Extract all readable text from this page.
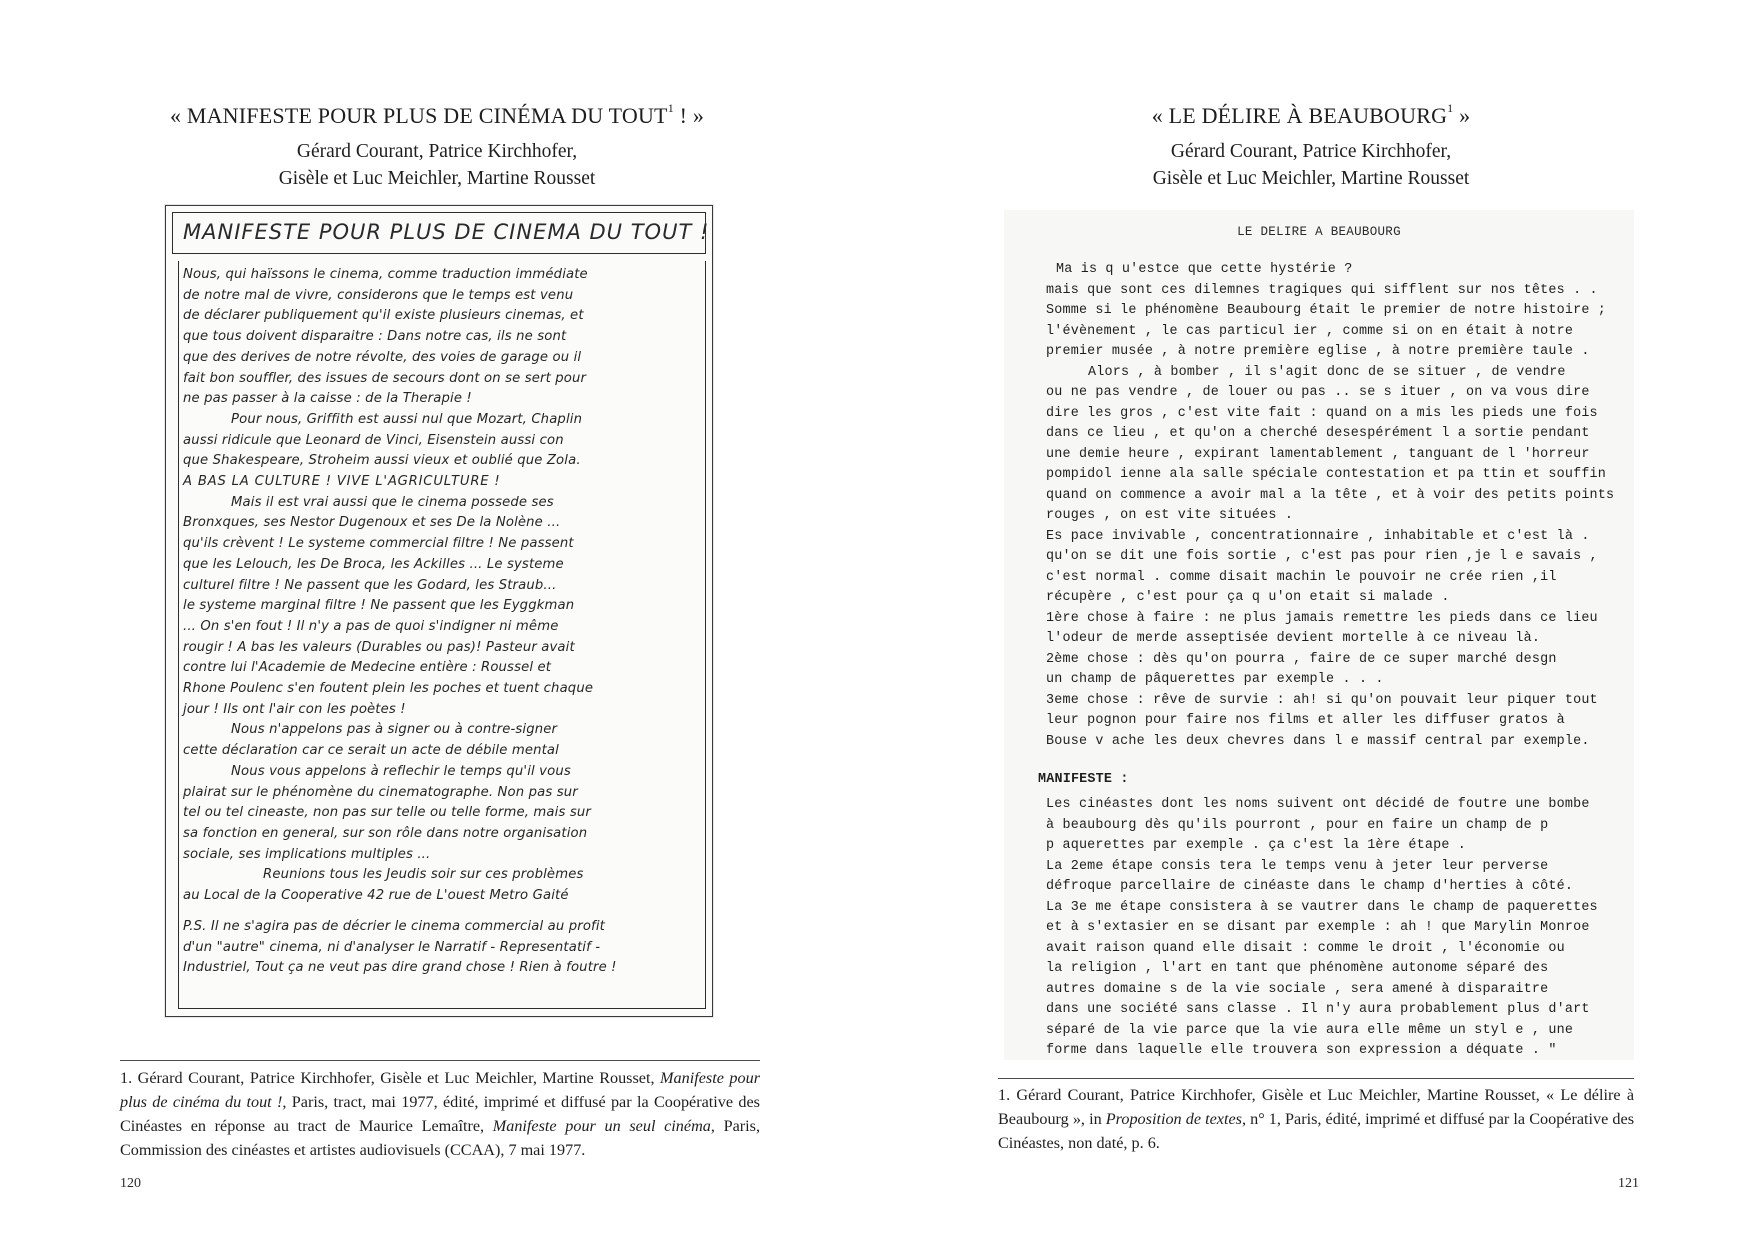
« MANIFESTE POUR PLUS DE CINÉMA DU TOUT$^1$ ! »
Gérard Courant, Patrice Kirchhofer,
Gisèle et Luc Meichler, Martine Rousset
MANIFESTE POUR PLUS DE CINEMA DU TOUT !
Nous, qui haïssons le cinema, comme traduction immédiate
de notre mal de vivre, considerons que le temps est venu
de déclarer publiquement qu'il existe plusieurs cinemas, et
que tous doivent disparaitre : Dans notre cas, ils ne sont
que des derives de notre révolte, des voies de garage ou il
fait bon souffler, des issues de secours dont on se sert pour
ne pas passer à la caisse : de la Therapie !
Pour nous, Griffith est aussi nul que Mozart, Chaplin
aussi ridicule que Leonard de Vinci, Eisenstein aussi con
que Shakespeare, Stroheim aussi vieux et oublié que Zola.
A BAS LA CULTURE ! VIVE L'AGRICULTURE !
Mais il est vrai aussi que le cinema possede ses
Bronxques, ses Nestor Dugenoux et ses De la Nolène ...
qu'ils crèvent ! Le systeme commercial filtre ! Ne passent
que les Lelouch, les De Broca, les Ackilles ... Le systeme
culturel filtre ! Ne passent que les Godard, les Straub...
le systeme marginal filtre ! Ne passent que les Eyggkman
... On s'en fout ! Il n'y a pas de quoi s'indigner ni même
rougir ! A bas les valeurs (Durables ou pas)! Pasteur avait
contre lui l'Academie de Medecine entière : Roussel et
Rhone Poulenc s'en foutent plein les poches et tuent chaque
jour ! Ils ont l'air con les poètes !
Nous n'appelons pas à signer ou à contre-signer
cette déclaration car ce serait un acte de débile mental
Nous vous appelons à reflechir le temps qu'il vous
plairat sur le phénomène du cinematographe. Non pas sur
tel ou tel cineaste, non pas sur telle ou telle forme, mais sur
sa fonction en general, sur son rôle dans notre organisation
sociale, ses implications multiples ...
Reunions tous les Jeudis soir sur ces problèmes
au Local de la Cooperative 42 rue de L'ouest Metro Gaité
P.S. Il ne s'agira pas de décrier le cinema commercial au profit
d'un "autre" cinema, ni d'analyser le Narratif - Representatif -
Industriel, Tout ça ne veut pas dire grand chose ! Rien à foutre !

1. Gérard Courant, Patrice Kirchhofer, Gisèle et Luc Meichler, Martine Rousset, Manifeste pour plus de cinéma du tout !, Paris, tract, mai 1977, édité, imprimé et diffusé par la Coopérative des Cinéastes en réponse au tract de Maurice Lemaître, Manifeste pour un seul cinéma, Paris, Commission des cinéastes et artistes audiovisuels (CCAA), 7 mai 1977.

120
« LE DÉLIRE À BEAUBOURG$^1$ »
Gérard Courant, Patrice Kirchhofer,
Gisèle et Luc Meichler, Martine Rousset

1. Gérard Courant, Patrice Kirchhofer, Gisèle et Luc Meichler, Martine Rousset, « Le délire à Beaubourg », in Proposition de textes, n° 1, Paris, édité, imprimé et diffusé par la Coopérative des Cinéastes, non daté, p. 6.

121
LE DELIRE A BEAUBOURG
Ma is q u'estce que cette hystérie ?
mais que sont ces dilemnes tragiques qui sifflent sur nos têtes . .
Somme si le phénomène Beaubourg était le premier de notre histoire ;
l'évènement , le cas particul ier , comme si on en était à notre
premier musée , à notre première eglise , à notre première taule .
Alors , à bomber , il s'agit donc de se situer , de vendre
ou ne pas vendre , de louer ou pas .. se s ituer , on va vous dire
dire les gros , c'est vite fait : quand on a mis les pieds une fois
dans ce lieu , et qu'on a cherché desespérément l a sortie pendant
une demie heure , expirant lamentablement , tanguant de l 'horreur
pompidol ienne ala salle spéciale contestation et pa ttin et souffin
quand on commence a avoir mal a la tête , et à voir des petits points
rouges , on est vite situées .
Es pace invivable , concentrationnaire , inhabitable et c'est là .
qu'on se dit une fois sortie , c'est pas pour rien ,je l e savais ,
c'est normal . comme disait machin le pouvoir ne crée rien ,il
récupère , c'est pour ça q u'on etait si malade .
1ère chose à faire : ne plus jamais remettre les pieds dans ce lieu
l'odeur de merde asseptisée devient mortelle à ce niveau là.
2ème chose : dès qu'on pourra , faire de ce super marché desgn
un champ de pâquerettes par exemple . . .
3eme chose : rêve de survie : ah! si qu'on pouvait leur piquer tout
leur pognon pour faire nos films et aller les diffuser gratos à
Bouse v ache les deux chevres dans l e massif central par exemple.
MANIFESTE :
Les cinéastes dont les noms suivent ont décidé de foutre une bombe
à beaubourg dès qu'ils pourront , pour en faire un champ de p
p aquerettes par exemple . ça c'est la 1ère étape .
La 2eme étape consis tera le temps venu à jeter leur perverse
défroque parcellaire de cinéaste dans le champ d'herties à côté.
La 3e me étape consistera à se vautrer dans le champ de paquerettes
et à s'extasier en se disant par exemple : ah ! que Marylin Monroe
avait raison quand elle disait : comme le droit , l'économie ou
la religion , l'art en tant que phénomène autonome séparé des
autres domaine s de la vie sociale , sera amené à disparaitre
dans une société sans classe . Il n'y aura probablement plus d'art
séparé de la vie parce que la vie aura elle même un styl e , une
forme dans laquelle elle trouvera son expression a déquate . "
